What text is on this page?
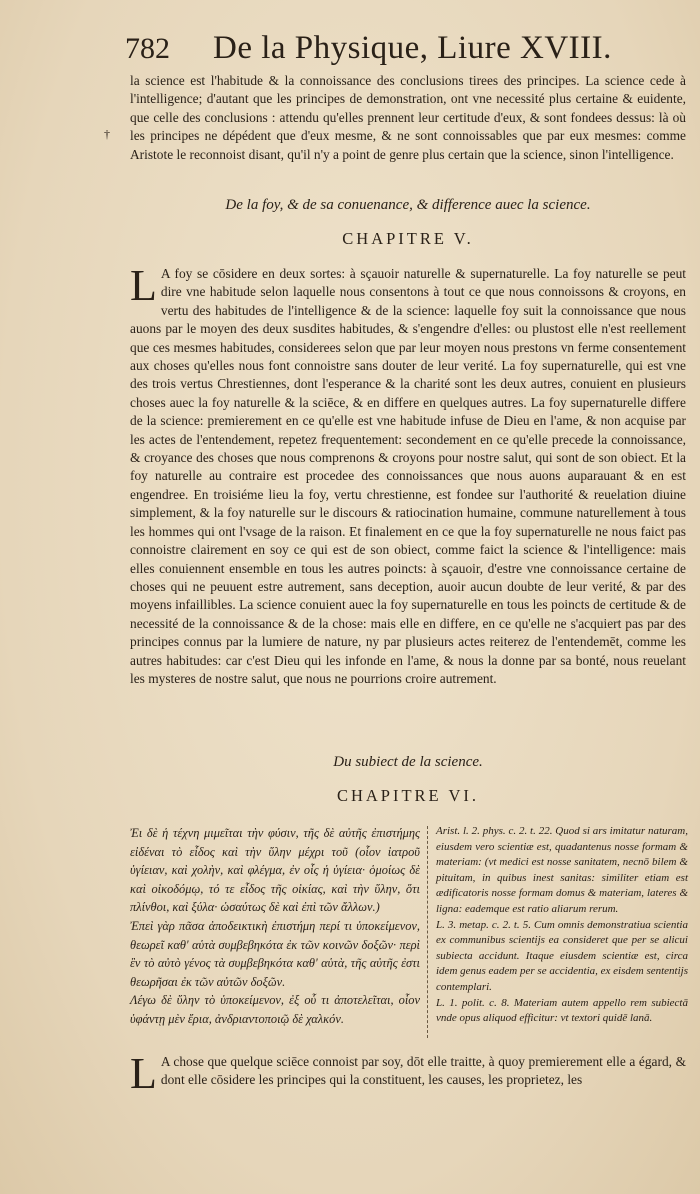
782 De la Physique, Liure XVIII.
†
la science est l'habitude & la connoissance des conclusions tirees des principes. La science cede à l'intelligence; d'autant que les principes de demonstration, ont vne necessité plus certaine & euidente, que celle des conclusions : attendu qu'elles prennent leur certitude d'eux, & sont fondees dessus: là où les principes ne dépédent que d'eux mesme, & ne sont connoissables que par eux mesmes: comme Aristote le reconnoist disant, qu'il n'y a point de genre plus certain que la science, sinon l'intelligence.
De la foy, & de sa conuenance, & difference auec la science.
CHAPITRE V.
L A foy se cōsidere en deux sortes: à sçauoir naturelle & supernaturelle. La foy naturelle se peut dire vne habitude selon laquelle nous consentons à tout ce que nous connoissons & croyons, en vertu des habitudes de l'intelligence & de la science: laquelle foy suit la connoissance que nous auons par le moyen des deux susdites habitudes, & s'engendre d'elles: ou plustost elle n'est reellement que ces mesmes habitudes, considerees selon que par leur moyen nous prestons vn ferme consentement aux choses qu'elles nous font connoistre sans douter de leur verité. La foy supernaturelle, qui est vne des trois vertus Chrestiennes, dont l'esperance & la charité sont les deux autres, conuient en plusieurs choses auec la foy naturelle & la sciēce, & en differe en quelques autres. La foy supernaturelle differe de la science: premierement en ce qu'elle est vne habitude infuse de Dieu en l'ame, & non acquise par les actes de l'entendement, repetez frequentement: secondement en ce qu'elle precede la connoissance, & croyance des choses que nous comprenons & croyons pour nostre salut, qui sont de son obiect. Et la foy naturelle au contraire est procedee des connoissances que nous auons auparauant & en est engendree. En troisiéme lieu la foy, vertu chrestienne, est fondee sur l'authorité & reuelation diuine simplement, & la foy naturelle sur le discours & ratiocination humaine, commune naturellement à tous les hommes qui ont l'vsage de la raison. Et finalement en ce que la foy supernaturelle ne nous faict pas connoistre clairement en soy ce qui est de son obiect, comme faict la science & l'intelligence: mais elles conuiennent ensemble en tous les autres poincts: à sçauoir, d'estre vne connoissance certaine de choses qui ne peuuent estre autrement, sans deception, auoir aucun doubte de leur verité, & par des moyens infaillibles. La science conuient auec la foy supernaturelle en tous les poincts de certitude & de necessité de la connoissance & de la chose: mais elle en differe, en ce qu'elle ne s'acquiert pas par des principes connus par la lumiere de nature, ny par plusieurs actes reiterez de l'entendemēt, comme les autres habitudes: car c'est Dieu qui les infonde en l'ame, & nous la donne par sa bonté, nous reuelant les mysteres de nostre salut, que nous ne pourrions croire autrement.
Du subiect de la science.
CHAPITRE VI.
Ἐι δὲ ἡ τέχνη μιμεῖται τὴν φύσιν, τῆς δὲ αὐτῆς ἐπιστήμης εἰδέναι τὸ εἶδος καὶ τὴν ὕλην μέχρι τοῦ (οἷον ἰατροῦ ὑγίειαν, καὶ χολὴν, καὶ φλέγμα, ἐν οἷς ἡ ὑγίεια· ὁμοίως δὲ καὶ οἰκοδόμῳ, τό τε εἶδος τῆς οἰκίας, καὶ τὴν ὕλην, ὅτι πλίνθοι, καὶ ξύλα· ὡσαύτως δὲ καὶ ἐπὶ τῶν ἄλλων.)
Ἐπεὶ γὰρ πᾶσα ἀποδεικτικὴ ἐπιστήμη περί τι ὑποκείμενον, θεωρεῖ καθ' αὑτὰ συμβεβηκότα ἐκ τῶν κοινῶν δοξῶν· περὶ ἓν τὸ αὐτὸ γένος τὰ συμβεβηκότα καθ' αὑτὰ, τῆς αὐτῆς ἐστι θεωρῆσαι ἐκ τῶν αὐτῶν δοξῶν.
Λέγω δὲ ὕλην τὸ ὑποκείμενον, ἐξ οὗ τι ἀποτελεῖται, οἷον ὑφάντῃ μὲν ἔρια, ἀνδριαντοποιῷ δὲ χαλκόν.
Arist. l. 2. phys. c. 2. t. 22. Quod si ars imitatur naturam, eiusdem vero scientiæ est, quadantenus nosse formam & materiam: (vt medici est nosse sanitatem, necnō bilem & pituitam, in quibus inest sanitas: similiter etiam est ædificatoris nosse formam domus & materiam, lateres & ligna: eademque est ratio aliarum rerum.
L. 3. metap. c. 2. t. 5. Cum omnis demonstratiua scientia ex communibus scientijs ea consideret que per se alicui subiecta accidunt. Itaque eiusdem scientiæ est, circa idem genus eadem per se accidentia, ex eisdem sententijs contemplari.
L. 1. polit. c. 8. Materiam autem appello rem subiectā vnde opus aliquod efficitur: vt textori quidē lanā.
L A chose que quelque sciēce connoist par soy, dōt elle traitte, à quoy premierement elle a égard, & dont elle cōsidere les principes qui la constituent, les causes, les proprietez, les
